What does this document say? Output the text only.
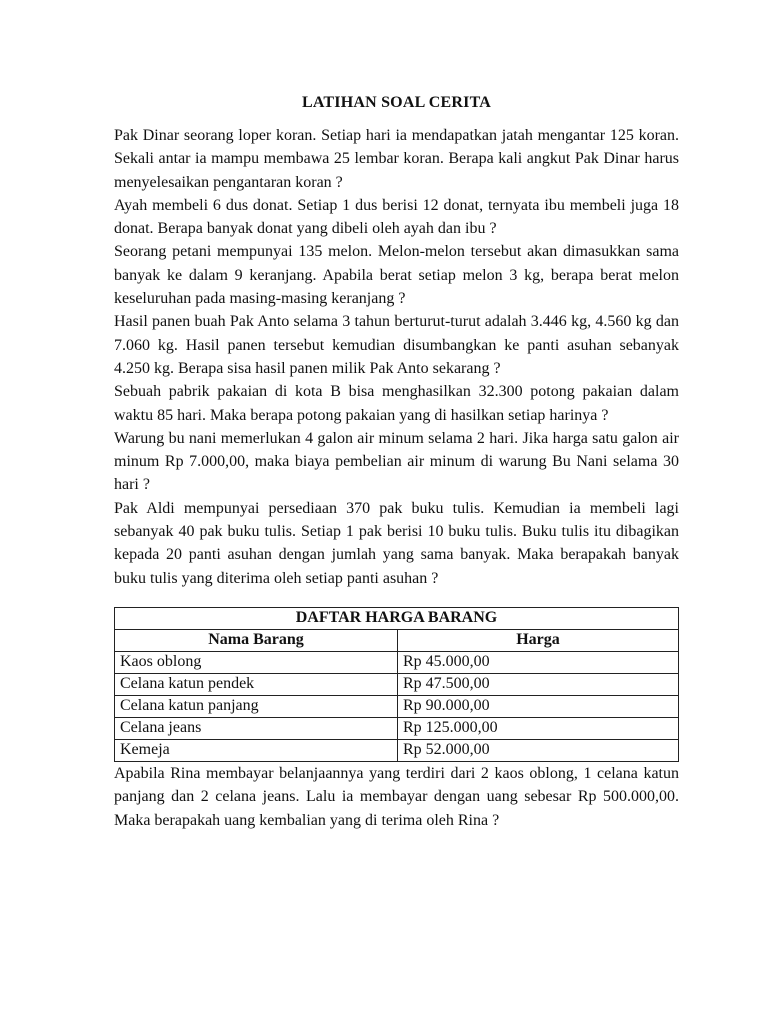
LATIHAN SOAL CERITA

Pak Dinar seorang loper koran. Setiap hari ia mendapatkan jatah mengantar 125 koran. Sekali antar ia mampu membawa 25 lembar koran. Berapa kali angkut Pak Dinar harus menyelesaikan pengantaran koran ?

Ayah membeli 6 dus donat. Setiap 1 dus berisi 12 donat, ternyata ibu membeli juga 18 donat. Berapa banyak donat yang dibeli oleh ayah dan ibu ?

Seorang petani mempunyai 135 melon. Melon-melon tersebut akan dimasukkan sama banyak ke dalam 9 keranjang. Apabila berat setiap melon 3 kg, berapa berat melon keseluruhan pada masing-masing keranjang ?

Hasil panen buah Pak Anto selama 3 tahun berturut-turut adalah 3.446 kg, 4.560 kg dan 7.060 kg. Hasil panen tersebut kemudian disumbangkan ke panti asuhan sebanyak 4.250 kg. Berapa sisa hasil panen milik Pak Anto sekarang ?

Sebuah pabrik pakaian di kota B bisa menghasilkan 32.300 potong pakaian dalam waktu 85 hari. Maka berapa potong pakaian yang di hasilkan setiap harinya ?

Warung bu nani memerlukan 4 galon air minum selama 2 hari. Jika harga satu galon air minum Rp 7.000,00, maka biaya pembelian air minum di warung Bu Nani selama 30 hari ?

Pak Aldi mempunyai persediaan 370 pak buku tulis. Kemudian ia membeli lagi sebanyak 40 pak buku tulis. Setiap 1 pak berisi 10 buku tulis. Buku tulis itu dibagikan kepada 20 panti asuhan dengan jumlah yang sama banyak. Maka berapakah banyak buku tulis yang diterima oleh setiap panti asuhan ?

DAFTAR HARGA BARANG	
Nama Barang	Harga
Kaos oblong	Rp 45.000,00
Celana katun pendek	Rp 47.500,00
Celana katun panjang	Rp 90.000,00
Celana jeans	Rp 125.000,00
Kemeja	Rp 52.000,00

Apabila Rina membayar belanjaannya yang terdiri dari 2 kaos oblong, 1 celana katun panjang dan 2 celana jeans. Lalu ia membayar dengan uang sebesar Rp 500.000,00. Maka berapakah uang kembalian yang di terima oleh Rina ?
